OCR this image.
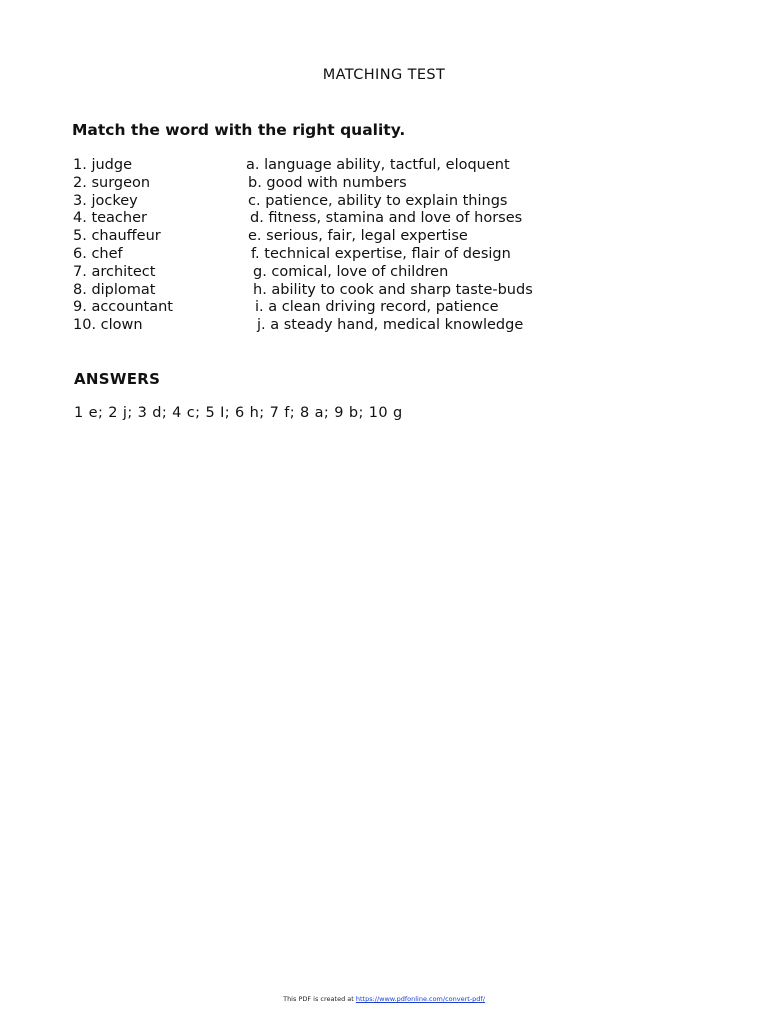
MATCHING TEST
Match the word with the right quality.
1. judge	a. language ability, tactful, eloquent
2. surgeon	b. good with numbers
3. jockey	c. patience, ability to explain things
4. teacher	d. fitness, stamina and love of horses
5. chauffeur	e. serious, fair, legal expertise
6. chef	f. technical expertise, flair of design
7. architect	g. comical, love of children
8. diplomat	h. ability to cook and sharp taste-buds
9. accountant	i. a clean driving record, patience
10. clown	j. a steady hand, medical knowledge
ANSWERS
1 e; 2 j; 3 d; 4 c; 5 I; 6 h; 7 f; 8 a; 9 b; 10 g
This PDF is created at https://www.pdfonline.com/convert-pdf/
